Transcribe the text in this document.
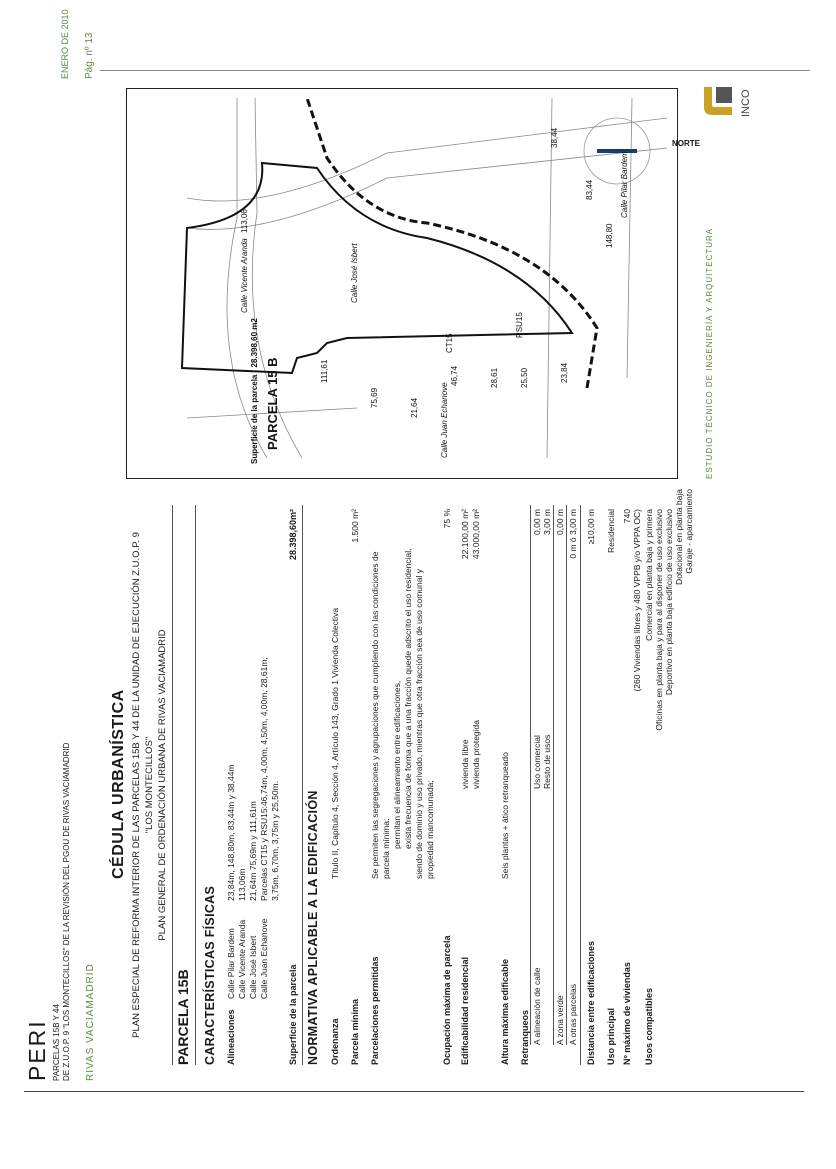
PERI PARCELAS 15B Y 44 DE Z.U.O.P. 9 "LOS MONTECILLOS" DE LA REVISIÓN DEL PGOU DE RIVAS VACIAMADRID RIVAS VACIAMADRID
ENERO DE 2010 Pág. nº 13
CÉDULA URBANÍSTICA PLAN ESPECIAL DE REFORMA INTERIOR DE LAS PARCELAS 15B Y 44 DE LA UNIDAD DE EJECUCIÓN Z.U.O.P. 9 "LOS MONTECILLOS" PLAN GENERAL DE ORDENACIÓN URBANA DE RIVAS VACIAMADRID
PARCELA 15B CARACTERÍSTICAS FÍSICAS Alineaciones
Calle Pilar Bardem
23,84m, 148,80m, 83,44m y 38,44m
Calle Vicente Aranda
113,06m
Calle José Isbert
21,64m 75,69m y 111,61m
Calle Juan Echanove
Parcelas CT15 y RSU15:46,74m, 4,00m, 4,50m, 4,00m, 28,61m, 3,75m, 6,70m, 3,75m y 25,50m.
Superficie de la parcela
28.398,60m²
NORMATIVA APLICABLE A LA EDIFICACIÓN Ordenanza
Título II, Capítulo 4, Sección 4, Artículo 143, Grado 1 Vivienda Colectiva
Parcela mínima
1.500 m²
Parcelaciones permitidas
Se permiten las segregaciones y agrupaciones que cumpliendo con las condiciones de parcela mínima: permitan el alineamiento entre edificaciones, exista frecuencia de forma que a una fracción quede adscrito el uso residencial, siendo de dominio y uso privado, mientras que otra fracción sea de uso comunal y propiedad mancomunada;
Ocupación máxima de parcela
75 %
Edificabilidad residencial
vivienda libre
22.100,00 m²
vivienda protegida
43.000,00 m²
Altura máxima edificable
Seis plantas + ático retranqueado
Retranqueos A alineación de calle
Uso comercial
0,00 m
Resto de usos
3,00 m
A zona verde
0,00 m
A otras parcelas
0 m ó 3,00 m
Distancia entre edificaciones
≥10,00 m
Uso principal
Residencial
Nº máximo de viviendas
740 (260 Viviendas libres y 480 VPPB y/o VPPA OC)
Usos compatibles
Comercial en planta baja y primera Oficinas en planta baja y para al disponer de uso exclusivo Deportivo en planta baja edificio de uso exclusivo Dotacional en planta baja Garaje - aparcamiento
NORTE
148,80
83,44
38,44
23,84
25,50
28,61
46,74
21,64
75,69
111,61
113,06
RSU15
CT15
Calle Pilar Bardem
Calle Juan Echanove
Calle José Isbert
Calle Vicente Aranda
PARCELA 15 B
Superficie de la parcela : 28.398,60 m2	ESTUDIO TÉCNICO DE INGENIERÍA Y ARQUITECTURA
INCO
